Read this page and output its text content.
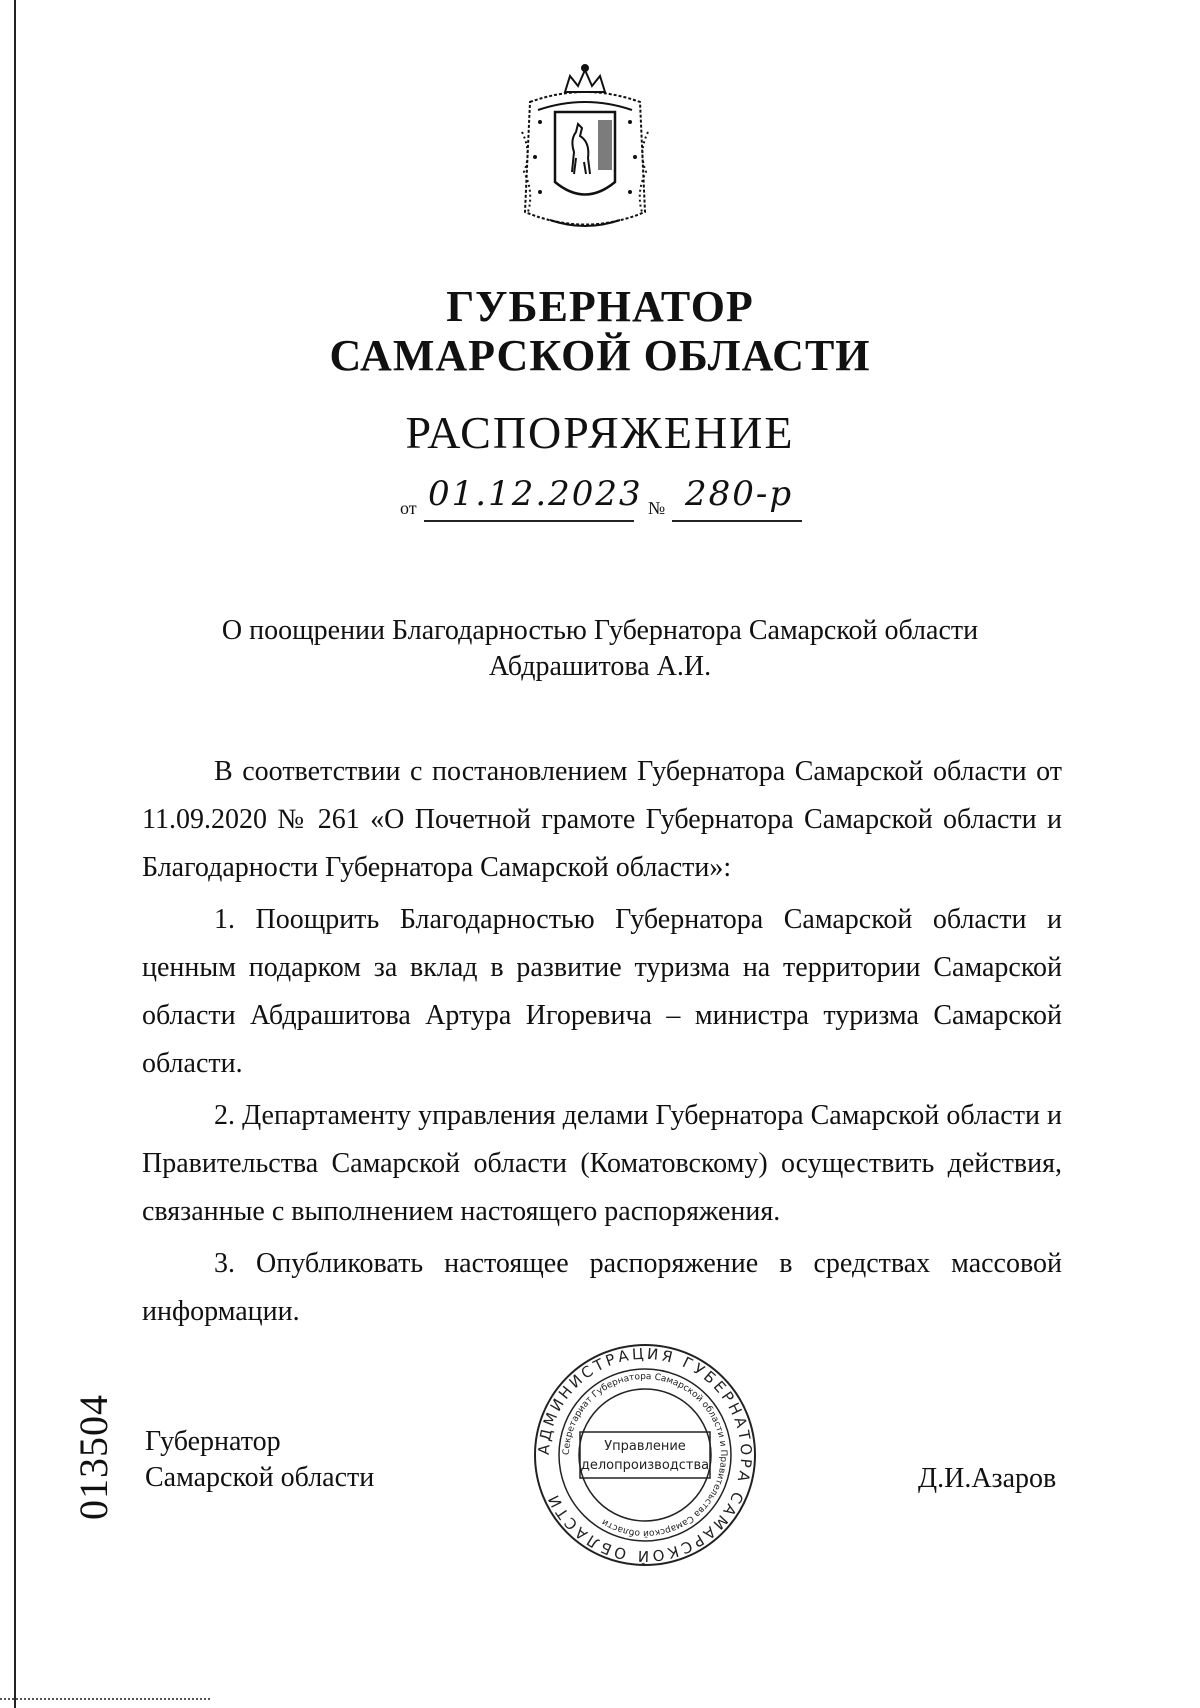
ГУБЕРНАТОР
САМАРСКОЙ ОБЛАСТИ
РАСПОРЯЖЕНИЕ
от 01.12.2023 № 280-р
О поощрении Благодарностью Губернатора Самарской области
Абдрашитова А.И.

В соответствии с постановлением Губернатора Самарской области от 11.09.2020 № 261 «О Почетной грамоте Губернатора Самарской области и Благодарности Губернатора Самарской области»:

1. Поощрить Благодарностью Губернатора Самарской области и ценным подарком за вклад в развитие туризма на территории Самарской области Абдрашитова Артура Игоревича – министра туризма Самарской области.

2. Департаменту управления делами Губернатора Самарской области и Правительства Самарской области (Коматовскому) осуществить действия, связанные с выполнением настоящего распоряжения.

3. Опубликовать настоящее распоряжение в средствах массовой информации.

Губернатор
Самарской области	Д.И.Азаров
АДМИНИСТРАЦИЯ ГУБЕРНАТОРА САМАРСКОЙ ОБЛАСТИ
Секретариат Губернатора Самарской области и Правительства Самарской области
Управление
делопроизводства
013504
